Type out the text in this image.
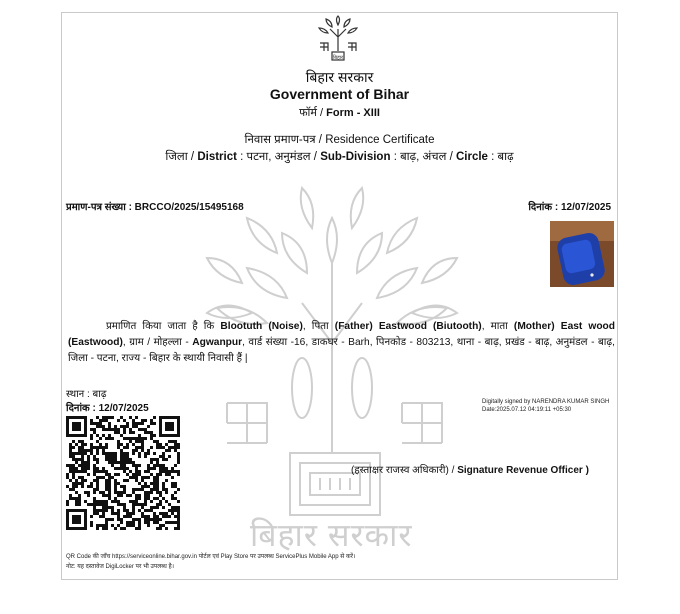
बिहार सरकार
बिहार
बिहार सरकार
Government of Bihar
फॉर्म / Form - XIII
निवास प्रमाण-पत्र / Residence Certificate
जिला / District : पटना, अनुमंडल / Sub-Division : बाढ़, अंचल / Circle : बाढ़
प्रमाण-पत्र संख्या : BRCCO/2025/15495168	दिनांक : 12/07/2025
प्रमाणित किया जाता है कि Blootuth (Noise), पिता (Father) Eastwood (Biutooth), माता (Mother) East wood (Eastwood), ग्राम / मोहल्ला - Agwanpur, वार्ड संख्या -16, डाकघर - Barh, पिनकोड - 803213, थाना - बाढ़, प्रखंड - बाढ़, अनुमंडल - बाढ़, जिला - पटना, राज्य - बिहार के स्थायी निवासी हैं |
स्थान : बाढ़
दिनांक : 12/07/2025
Digitally signed by NARENDRA KUMAR SINGH
Date:2025.07.12 04:19:11 +05:30
(हस्ताक्षर राजस्व अधिकारी) / Signature Revenue Officer )
QR Code की जाँच https://serviceonline.bihar.gov.in पोर्टल एवं Play Store पर उपलब्ध ServicePlus Mobile App से करें।
नोट: यह दस्तावेज DigiLocker पर भी उपलब्ध है।
